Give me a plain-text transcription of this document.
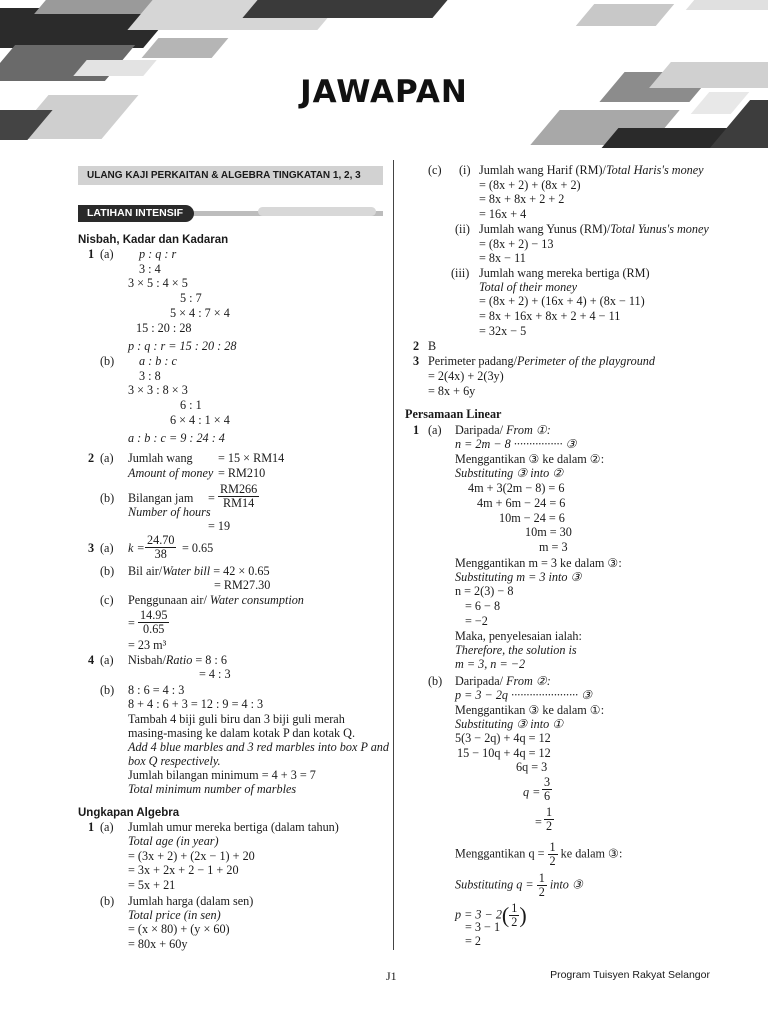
JAWAPAN
ULANG KAJI PERKAITAN & ALGEBRA TINGKATAN 1, 2, 3
LATIHAN INTENSIF
Nisbah, Kadar dan Kadaran
1 (a) p : q : r
3 : 4
3 × 5 : 4 × 5
5 : 7
5 × 4 : 7 × 4
15 : 20 : 28
p : q : r = 15 : 20 : 28
(b) a : b : c
3 : 8
3 × 3 : 8 × 3
6 : 1
6 × 4 : 1 × 4
a : b : c = 9 : 24 : 4
2 (a) Jumlah wang = 15 × RM14
Amount of money = RM210
(b) Bilangan jam = $\frac{RM266}{RM14}$
Number of hours
= 19
3 (a) $k = \frac{24.70}{38} = 0.65$
(b) Bil air/Water bill = 42 × 0.65
= RM27.30
(c) Penggunaan air/ Water consumption
= $\frac{14.95}{0.65}$
= 23 m³
4 (a) Nisbah/Ratio = 8 : 6
= 4 : 3
(b) 8 : 6 = 4 : 3
8 + 4 : 6 + 3 = 12 : 9 = 4 : 3
Tambah 4 biji guli biru dan 3 biji guli merah
masing-masing ke dalam kotak P dan kotak Q.
Add 4 blue marbles and 3 red marbles into box P and
box Q respectively.
Jumlah bilangan minimum = 4 + 3 = 7
Total minimum number of marbles
Ungkapan Algebra
1 (a) Jumlah umur mereka bertiga (dalam tahun)
Total age (in year)
= (3x + 2) + (2x − 1) + 20
= 3x + 2x + 2 − 1 + 20
= 5x + 21
(b) Jumlah harga (dalam sen)
Total price (in sen)
= (x × 80) + (y × 60)
= 80x + 60y
(c) (i) Jumlah wang Harif (RM)/Total Haris's money
= (8x + 2) + (8x + 2)
= 8x + 8x + 2 + 2
= 16x + 4
(ii) Jumlah wang Yunus (RM)/Total Yunus's money
= (8x + 2) − 13
= 8x − 11
(iii) Jumlah wang mereka bertiga (RM)
Total of their money
= (8x + 2) + (16x + 4) + (8x − 11)
= 8x + 16x + 8x + 2 + 4 − 11
= 32x − 5
2 B
3 Perimeter padang/Perimeter of the playground
= 2(4x) + 2(3y)
= 8x + 6y
Persamaan Linear
1 (a) Daripada/ From ①:
n = 2m − 8 ················ ③
Menggantikan ③ ke dalam ②:
Substituting ③ into ②
4m + 3(2m − 8) = 6
4m + 6m − 24 = 6
10m − 24 = 6
10m = 30
m = 3
Menggantikan m = 3 ke dalam ③:
Substituting m = 3 into ③
n = 2(3) − 8
= 6 − 8
= −2
Maka, penyelesaian ialah:
Therefore, the solution is
m = 3, n = −2
(b) Daripada/ From ②:
p = 3 − 2q ······················ ③
Menggantikan ③ ke dalam ①:
Substituting ③ into ①
5(3 − 2q) + 4q = 12
15 − 10q + 4q = 12
6q = 3
$q = \frac{3}{6}$
= $\frac{1}{2}$
Menggantikan $q = \frac{1}{2}$ ke dalam ③:
Substituting $q = \frac{1}{2}$ into ③
$p = 3 - 2( \frac{1}{2}$ )
= 3 − 1
= 2
J1	Program Tuisyen Rakyat Selangor
